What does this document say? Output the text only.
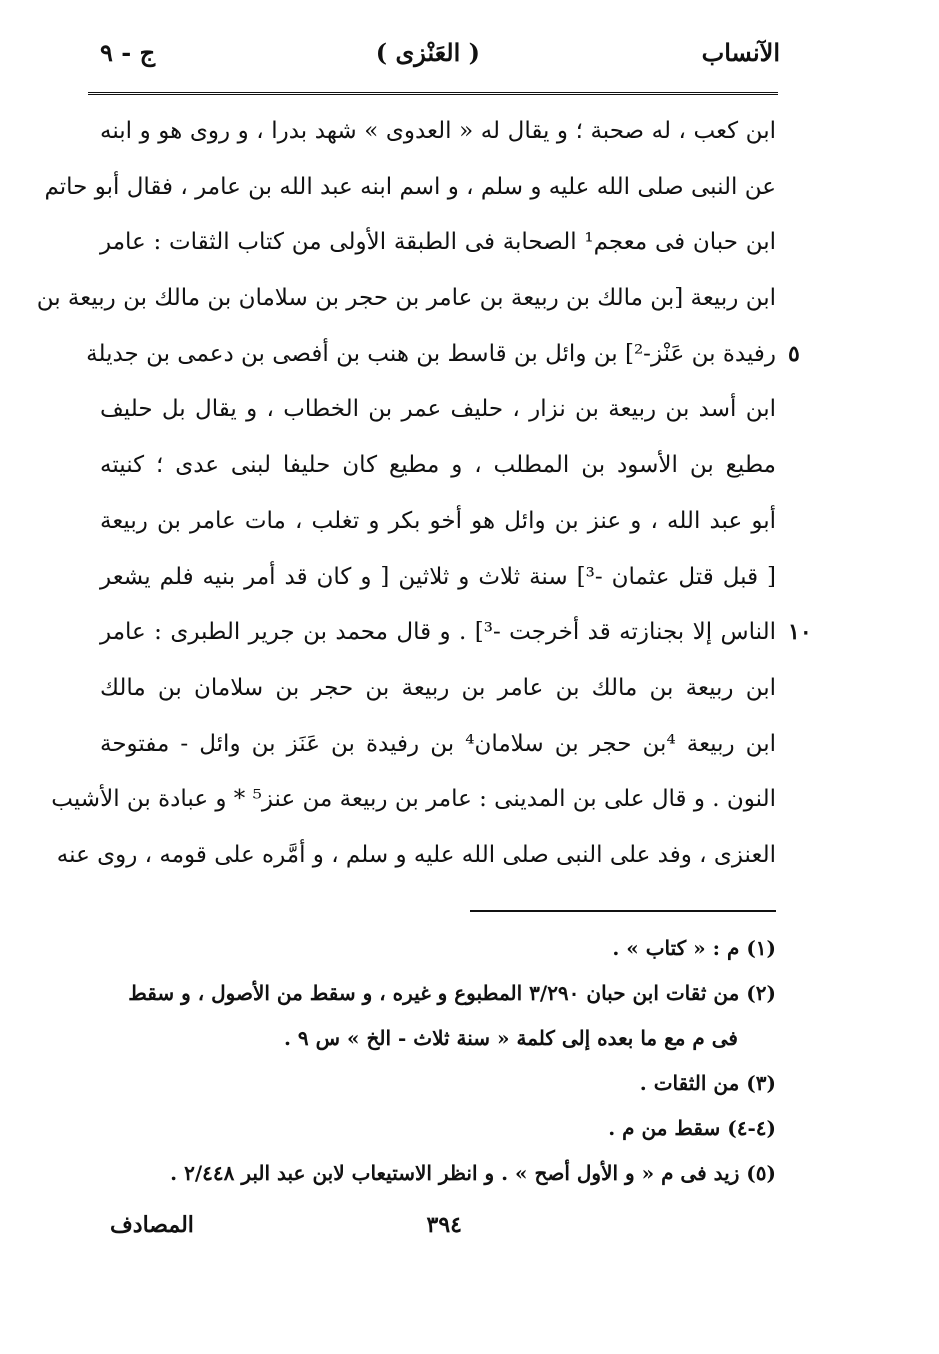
الآنساب
( العَنْزى )
ج - ٩
ابن كعب ، له صحبة ؛ و يقال له « العدوى » شهد بدرا ، و روى هو و ابنه
عن النبى صلى الله عليه و سلم ، و اسم ابنه عبد الله بن عامر ، فقال أبو حاتم
ابن حبان فى معجم¹ الصحابة فى الطبقة الأولى من كتاب الثقات : عامر
ابن ربيعة [بن مالك بن ربيعة بن عامر بن حجر بن سلامان بن مالك بن ربيعة بن
رفيدة بن عَنْز-²] بن وائل بن قاسط بن هنب بن أفصى بن دعمى بن جديلة
ابن أسد بن ربيعة بن نزار ، حليف عمر بن الخطاب ، و يقال بل حليف
مطيع بن الأسود بن المطلب ، و مطيع كان حليفا لبنى عدى ؛ كنيته
أبو عبد الله ، و عنز بن وائل هو أخو بكر و تغلب ، مات عامر بن ربيعة
[ قبل قتل عثمان -³] سنة ثلاث و ثلاثين [ و كان قد أمر بنيه فلم يشعر
الناس إلا بجنازته قد أخرجت -³] . و قال محمد بن جرير الطبرى : عامر
ابن ربيعة بن مالك بن عامر بن ربيعة بن حجر بن سلامان بن مالك
ابن ربيعة ⁴بن حجر بن سلامان⁴ بن رفيدة بن عَنَز بن وائل - مفتوحة
النون . و قال على بن المدينى : عامر بن ربيعة من عنز⁵ * و عبادة بن الأشيب
العنزى ، وفد على النبى صلى الله عليه و سلم ، و أمَّره على قومه ، روى عنه
٥
١٠
(١) م : « كتاب » .
(٢) من ثقات ابن حبان ٣/٢٩٠ المطبوع و غيره ، و سقط من الأصول ، و سقط
فى م مع ما بعده إلى كلمة « سنة ثلاث - الخ » س ٩ .
(٣) من الثقات .
(٤-٤) سقط من م .
(٥) زيد فى م « و الأول أصح » . و انظر الاستيعاب لابن عبد البر ٢/٤٤٨ .
٣٩٤
المصادف
